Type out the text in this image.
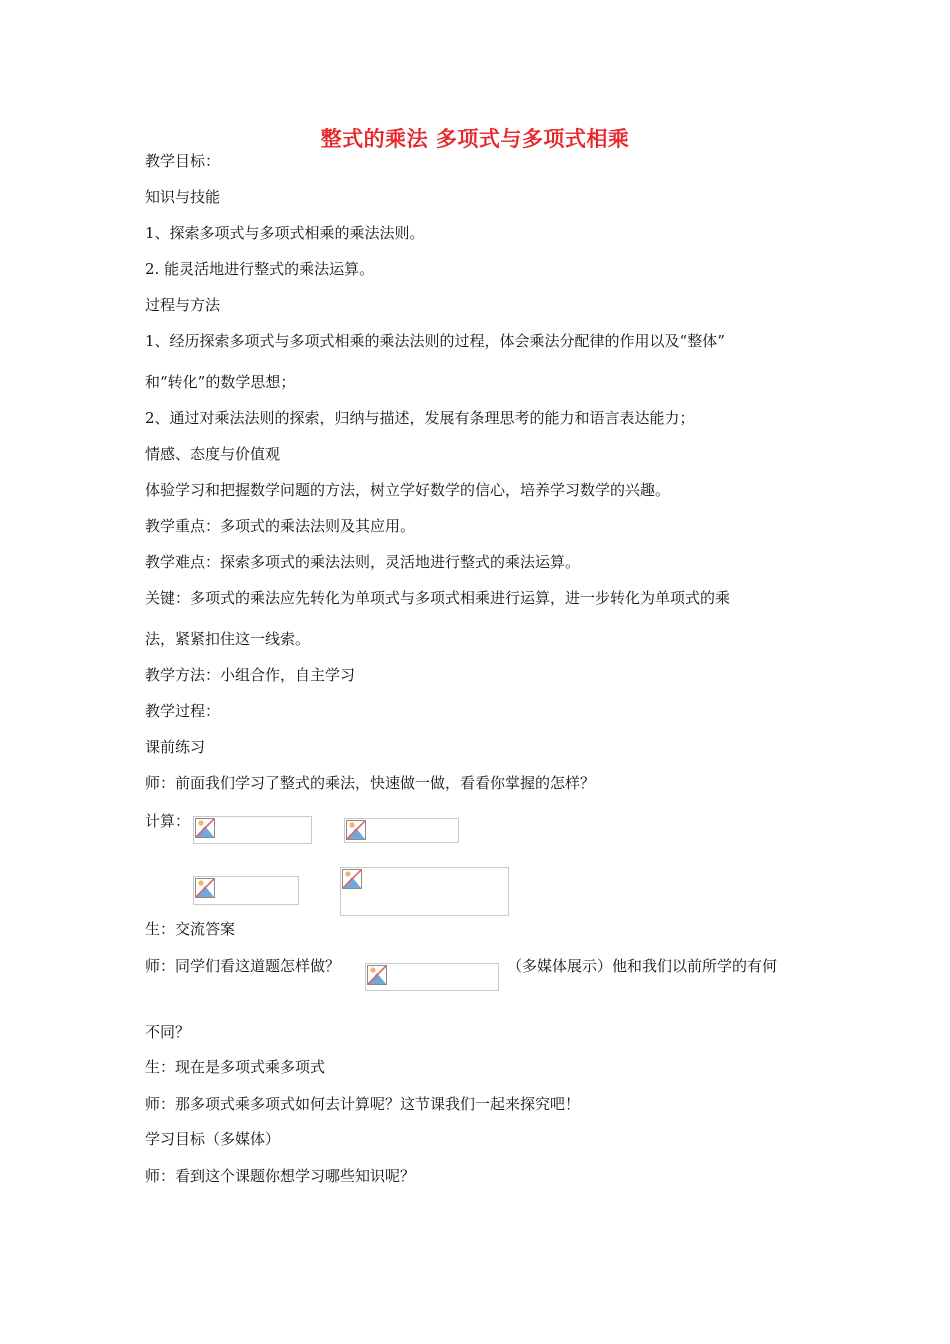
整式的乘法 多项式与多项式相乘
教学目标：
知识与技能
1、探索多项式与多项式相乘的乘法法则。
2. 能灵活地进行整式的乘法运算。
过程与方法
1、经历探索多项式与多项式相乘的乘法法则的过程，体会乘法分配律的作用以及“整体”
和“转化”的数学思想；
2、通过对乘法法则的探索，归纳与描述，发展有条理思考的能力和语言表达能力；
情感、态度与价值观
体验学习和把握数学问题的方法，树立学好数学的信心，培养学习数学的兴趣。
教学重点：多项式的乘法法则及其应用。
教学难点：探索多项式的乘法法则，灵活地进行整式的乘法运算。
关键：多项式的乘法应先转化为单项式与多项式相乘进行运算，进一步转化为单项式的乘
法，紧紧扣住这一线索。
教学方法：小组合作，自主学习
教学过程：
课前练习
师：前面我们学习了整式的乘法，快速做一做，看看你掌握的怎样？
计算：
生：交流答案
师：同学们看这道题怎样做？	（多媒体展示）他和我们以前所学的有何
不同？
生：现在是多项式乘多项式
师：那多项式乘多项式如何去计算呢？这节课我们一起来探究吧！
学习目标（多媒体）
师：看到这个课题你想学习哪些知识呢？
